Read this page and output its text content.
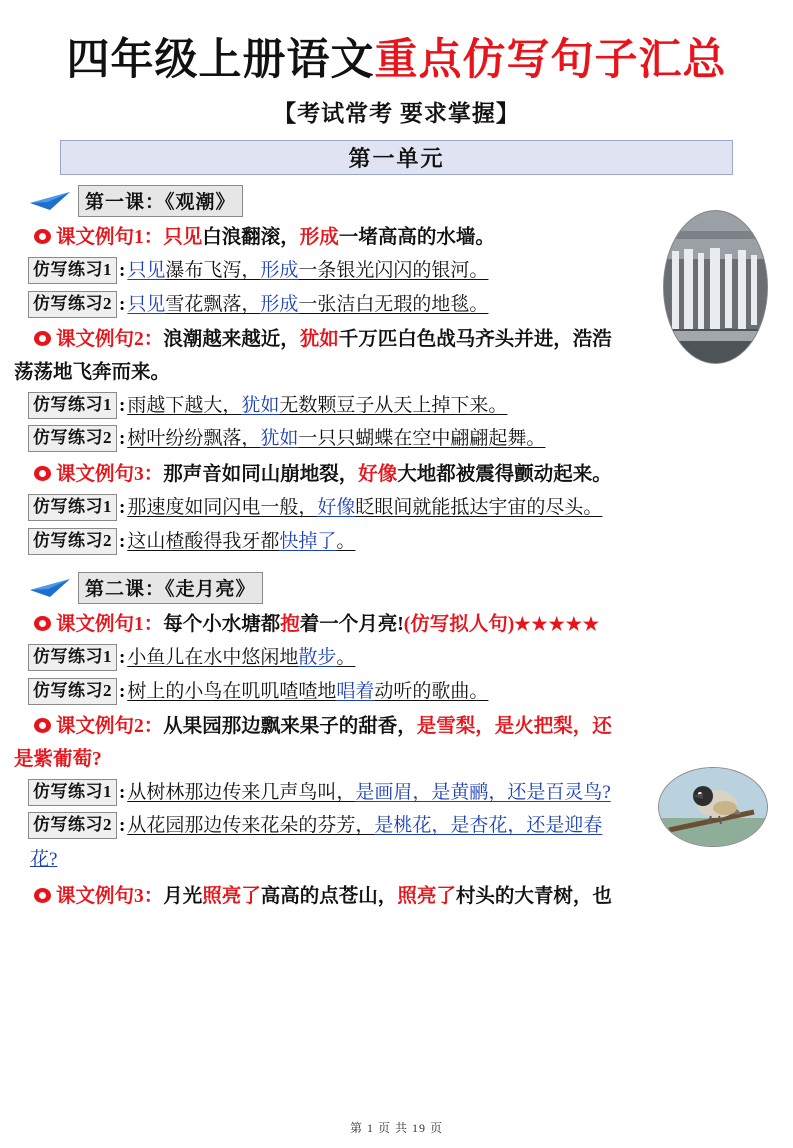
四年级上册语文重点仿写句子汇总
【考试常考 要求掌握】
第一单元
第一课：《观潮》
课文例句1：只见白浪翻滚，形成一堵高高的水墙。
仿写练习1 : 只见瀑布飞泻，形成一条银光闪闪的银河。
仿写练习2 : 只见雪花飘落，形成一张洁白无瑕的地毯。
课文例句2：浪潮越来越近，犹如千万匹白色战马齐头并进，浩浩
荡荡地飞奔而来。
仿写练习1 : 雨越下越大，犹如无数颗豆子从天上掉下来。
仿写练习2 : 树叶纷纷飘落，犹如一只只蝴蝶在空中翩翩起舞。
课文例句3：那声音如同山崩地裂，好像大地都被震得颤动起来。
仿写练习1 : 那速度如同闪电一般，好像眨眼间就能抵达宇宙的尽头。
仿写练习2 : 这山楂酸得我牙都快掉了。
第二课：《走月亮》
课文例句1：每个小水塘都抱着一个月亮!(仿写拟人句)★★★★★
仿写练习1 : 小鱼儿在水中悠闲地散步。
仿写练习2 : 树上的小鸟在叽叽喳喳地唱着动听的歌曲。
课文例句2：从果园那边飘来果子的甜香，是雪梨，是火把梨，还
是紫葡萄?
仿写练习1 : 从树林那边传来几声鸟叫，是画眉，是黄鹂，还是百灵鸟?
仿写练习2 : 从花园那边传来花朵的芬芳，是桃花，是杏花，还是迎春
花?
课文例句3：月光照亮了高高的点苍山，照亮了村头的大青树，也
第 1 页 共 19 页
